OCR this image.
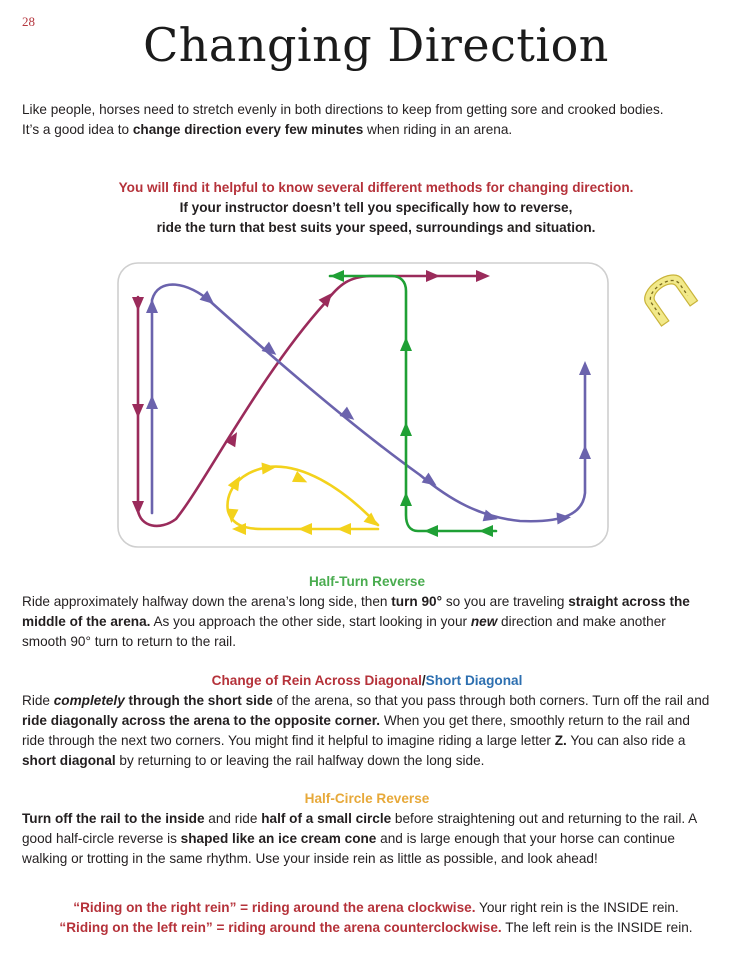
28	Changing Direction
Like people, horses need to stretch evenly in both directions to keep from getting sore and crooked bodies.
It’s a good idea to change direction every few minutes when riding in an arena.
You will find it helpful to know several different methods for changing direction.
If your instructor doesn’t tell you specifically how to reverse,
ride the turn that best suits your speed, surroundings and situation.
Half-Turn Reverse
Ride approximately halfway down the arena’s long side, then turn 90° so you are traveling straight across the middle of the arena. As you approach the other side, start looking in your new direction and make another smooth 90° turn to return to the rail.
Change of Rein Across Diagonal/Short Diagonal
Ride completely through the short side of the arena, so that you pass through both corners. Turn off the rail and ride diagonally across the arena to the opposite corner. When you get there, smoothly return to the rail and ride through the next two corners. You might find it helpful to imagine riding a large letter Z. You can also ride a short diagonal by returning to or leaving the rail halfway down the long side.
Half-Circle Reverse
Turn off the rail to the inside and ride half of a small circle before straightening out and returning to the rail. A good half-circle reverse is shaped like an ice cream cone and is large enough that your horse can continue walking or trotting in the same rhythm. Use your inside rein as little as possible, and look ahead!
“Riding on the right rein” = riding around the arena clockwise. Your right rein is the INSIDE rein.
“Riding on the left rein” = riding around the arena counterclockwise. The left rein is the INSIDE rein.
